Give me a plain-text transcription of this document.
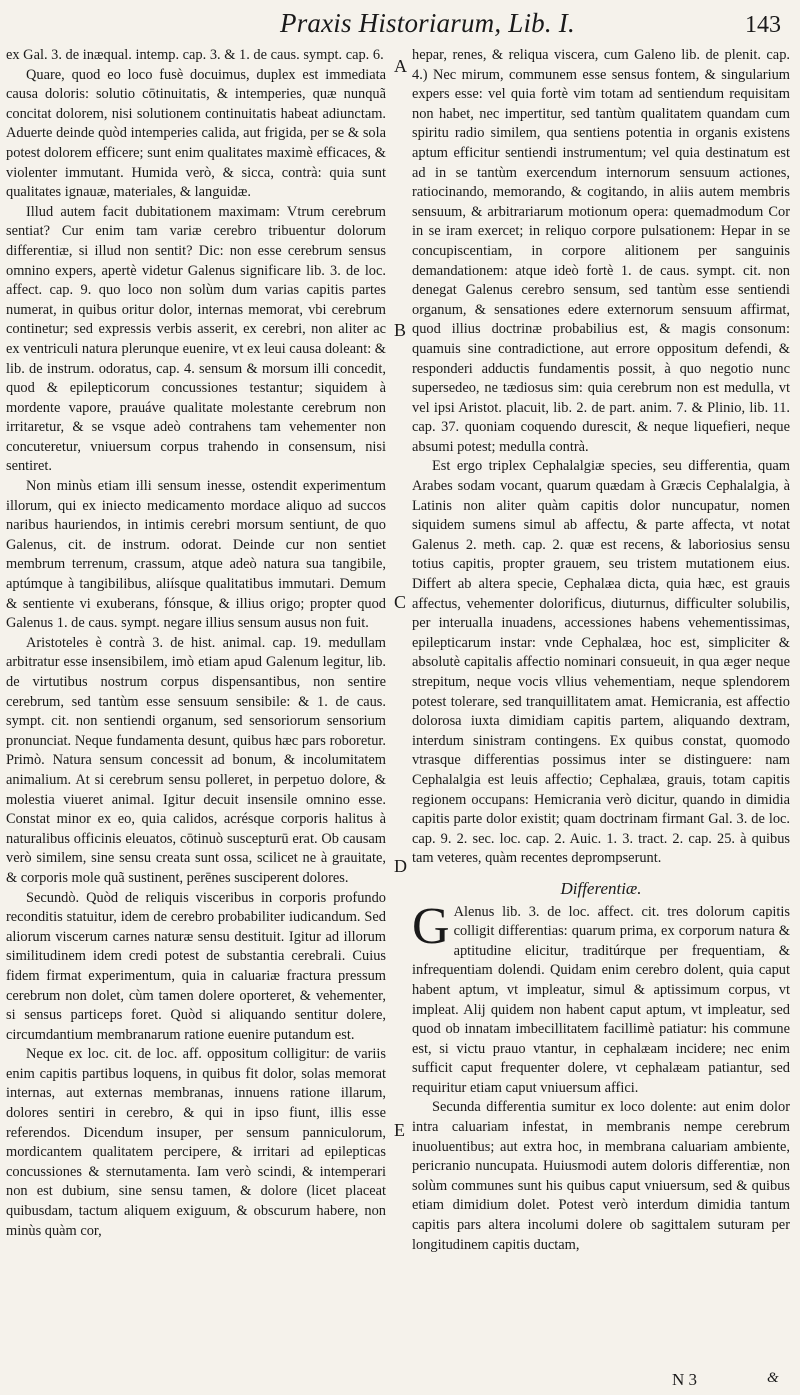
Praxis Historiarum, Lib. I.	143

ex Gal. 3. de inæqual. intemp. cap. 3. & 1. de caus. sympt. cap. 6.

Quare, quod eo loco fusè docuimus, duplex est immediata causa doloris: solutio cōtinuitatis, & intemperies, quæ nunquã concitat dolorem, nisi solutionem continuitatis habeat adiunctam. Aduerte deinde quòd intemperies calida, aut frigida, per se & sola potest dolorem efficere; sunt enim qualitates maximè efficaces, & violenter immutant. Humida verò, & sicca, contrà: quia sunt qualitates ignauæ, materiales, & languidæ.

Illud autem facit dubitationem maximam: Vtrum cerebrum sentiat? Cur enim tam variæ cerebro tribuentur dolorum differentiæ, si illud non sentit? Dic: non esse cerebrum sensus omnino expers, apertè videtur Galenus significare lib. 3. de loc. affect. cap. 9. quo loco non solùm dum varias capitis partes numerat, in quibus oritur dolor, internas memorat, vbi cerebrum continetur; sed expressis verbis asserit, ex cerebri, non aliter ac ex ventriculi natura plerunque euenire, vt ex leui causa doleant: & lib. de instrum. odoratus, cap. 4. sensum & morsum illi concedit, quod & epilepticorum concussiones testantur; siquidem à mordente vapore, prauáve qualitate molestante cerebrum non irritaretur, & se vsque adeò contrahens tam vehementer non concuteretur, vniuersum corpus trahendo in consensum, nisi sentiret.

Non minùs etiam illi sensum inesse, ostendit experimentum illorum, qui ex iniecto medicamento mordace aliquo ad succos naribus hauriendos, in intimis cerebri morsum sentiunt, de quo Galenus, cit. de instrum. odorat. Deinde cur non sentiet membrum terrenum, crassum, atque adeò natura sua tangibile, aptúmque à tangibilibus, aliísque qualitatibus immutari. Demum & sentiente vi exuberans, fónsque, & illius origo; propter quod Galenus 1. de caus. sympt. negare illius sensum ausus non fuit.

Aristoteles è contrà 3. de hist. animal. cap. 19. medullam arbitratur esse insensibilem, imò etiam apud Galenum legitur, lib. de virtutibus nostrum corpus dispensantibus, non sentire cerebrum, sed tantùm esse sensuum sensibile: & 1. de caus. sympt. cit. non sentiendi organum, sed sensoriorum sensorium pronunciat. Neque fundamenta desunt, quibus hæc pars roboretur. Primò. Natura sensum concessit ad bonum, & incolumitatem animalium. At si cerebrum sensu polleret, in perpetuo dolore, & molestia viueret animal. Igitur decuit insensile omnino esse. Constat minor ex eo, quia calidos, acrésque corporis halitus à naturalibus officinis eleuatos, cōtinuò suscepturū erat. Ob causam verò similem, sine sensu creata sunt ossa, scilicet ne à grauitate, & corporis mole quã sustinent, perēnes susciperent dolores.

Secundò. Quòd de reliquis visceribus in corporis profundo reconditis statuitur, idem de cerebro probabiliter iudicandum. Sed aliorum viscerum carnes naturæ sensu destituit. Igitur ad illorum similitudinem idem credi potest de substantia cerebrali. Cuius fidem firmat experimentum, quia in caluariæ fractura pressum cerebrum non dolet, cùm tamen dolere oporteret, & vehementer, si sensus particeps foret. Quòd si aliquando sentitur dolere, circumdantium membranarum ratione euenire putandum est.

Neque ex loc. cit. de loc. aff. oppositum colligitur: de variis enim capitis partibus loquens, in quibus fit dolor, solas memorat internas, aut externas membranas, innuens ratione illarum, dolores sentiri in cerebro, & qui in ipso fiunt, illis esse referendos. Dicendum insuper, per sensum panniculorum, mordicantem qualitatem percipere, & irritari ad epilepticas concussiones & sternutamenta. Iam verò scindi, & intemperari non est dubium, sine sensu tamen, & dolore (licet placeat quibusdam, tactum aliquem exiguum, & obscurum habere, non minùs quàm cor,

A
B
C
D
E

hepar, renes, & reliqua viscera, cum Galeno lib. de plenit. cap. 4.) Nec mirum, communem esse sensus fontem, & singularium expers esse: vel quia fortè vim totam ad sentiendum requisitam non habet, nec impertitur, sed tantùm qualitatem quandam cum spiritu radio similem, qua sentiens potentia in organis existens aptum efficitur sentiendi instrumentum; vel quia destinatum est ad in se tantùm exercendum internorum sensuum actiones, ratiocinando, memorando, & cogitando, in aliis autem membris sensuum, & arbitrariarum motionum opera: quemadmodum Cor in se iram exercet; in reliquo corpore pulsationem: Hepar in se concupiscentiam, in corpore alitionem per sanguinis demandationem: atque ideò fortè 1. de caus. sympt. cit. non denegat Galenus cerebro sensum, sed tantùm esse sentiendi organum, & sensationes edere externorum sensuum affirmat, quod illius doctrinæ probabilius est, & magis consonum: quamuis sine contradictione, aut errore oppositum defendi, & responderi adductis fundamentis possit, à quo negotio nunc supersedeo, ne tædiosus sim: quia cerebrum non est medulla, vt vel ipsi Aristot. placuit, lib. 2. de part. anim. 7. & Plinio, lib. 11. cap. 37. quoniam coquendo durescit, & neque liquefieri, neque absumi potest; medulla contrà.

Est ergo triplex Cephalalgiæ species, seu differentia, quam Arabes sodam vocant, quarum quædam à Græcis Cephalalgia, à Latinis non aliter quàm capitis dolor nuncupatur, nomen siquidem sumens simul ab affectu, & parte affecta, vt notat Galenus 2. meth. cap. 2. quæ est recens, & laboriosius sensu totius capitis, propter grauem, seu tristem mutationem eius. Differt ab altera specie, Cephalæa dicta, quia hæc, est grauis affectus, vehementer dolorificus, diuturnus, difficulter solubilis, per interualla inuadens, accessiones habens vehementissimas, epilepticarum instar: vnde Cephalæa, hoc est, simpliciter & absolutè capitalis affectio nominari consueuit, in qua æger neque strepitum, neque vocis vllius vehementiam, neque splendorem potest tolerare, sed tranquillitatem amat. Hemicrania, est affectio dolorosa iuxta dimidiam capitis partem, aliquando dextram, interdum sinistram contingens. Ex quibus constat, quomodo vtrasque differentias possimus inter se distinguere: nam Cephalalgia est leuis affectio; Cephalæa, grauis, totam capitis regionem occupans: Hemicrania verò dicitur, quando in dimidia capitis parte dolor existit; quam doctrinam firmant Gal. 3. de loc. cap. 9. 2. sec. loc. cap. 2. Auic. 1. 3. tract. 2. cap. 25. à quibus tam veteres, quàm recentes deprompserunt.

Differentiæ.

G Alenus lib. 3. de loc. affect. cit. tres dolorum capitis colligit differentias: quarum prima, ex corporum natura & aptitudine elicitur, traditúrque per frequentiam, & infrequentiam dolendi. Quidam enim cerebro dolent, quia caput habent aptum, vt impleatur, simul & aptissimum corpus, vt impleat. Alij quidem non habent caput aptum, vt impleatur, sed quod ob innatam imbecillitatem facillimè patiatur: his commune est, si victu prauo vtantur, in cephalæam incidere; nec enim sufficit caput frequenter dolere, vt cephalæam patiantur, sed requiritur etiam caput vniuersum affici.

Secunda differentia sumitur ex loco dolente: aut enim dolor intra caluariam infestat, in membranis nempe cerebrum inuoluentibus; aut extra hoc, in membrana caluariam ambiente, pericranio nuncupata. Huiusmodi autem doloris differentiæ, non solùm communes sunt his quibus caput vniuersum, sed & quibus etiam dimidium dolet. Potest verò interdum dimidia tantum capitis pars altera incolumi dolere ob sagittalem suturam per longitudinem capitis ductam,

N 3	&
